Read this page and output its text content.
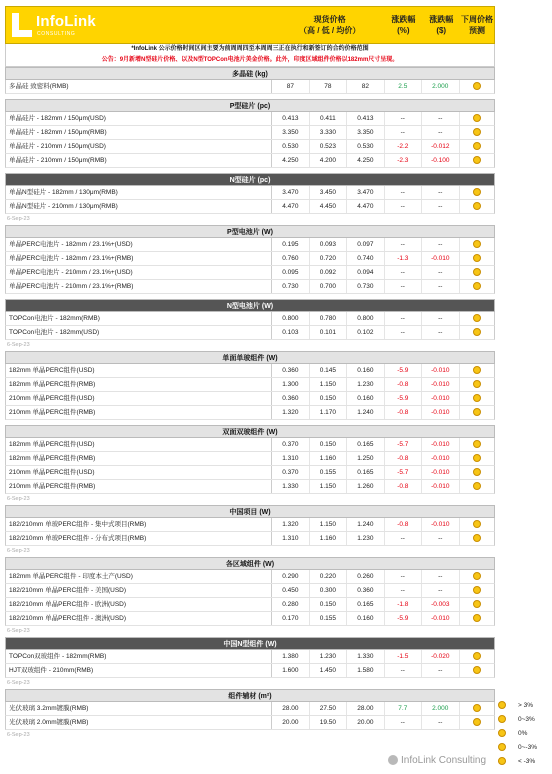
InfoLink
CONSULTING
现货价格
（高 / 低 / 均价）
涨跌幅
(%)
涨跌幅
($)
下周价格
预测
*InfoLink 公示价格时间区间主要为前周周四至本周周三正在执行和新签订的合约价格范围
公告：9月新增N型硅片价格、以及N型TOPCon电池片美金价格。此外，印度区域组件价格以182mm尺寸呈现。
多晶硅 (kg)
多晶硅 致密料(RMB)	87	78	82	2.5	2.000
P型硅片 (pc)
单晶硅片 - 182mm / 150μm(USD)	0.413	0.411	0.413	--	--
单晶硅片 - 182mm / 150μm(RMB)	3.350	3.330	3.350	--	--
单晶硅片 - 210mm / 150μm(USD)	0.530	0.523	0.530	-2.2	-0.012
单晶硅片 - 210mm / 150μm(RMB)	4.250	4.200	4.250	-2.3	-0.100
N型硅片 (pc)
单晶N型硅片 - 182mm / 130μm(RMB)	3.470	3.450	3.470	--	--
单晶N型硅片 - 210mm / 130μm(RMB)	4.470	4.450	4.470	--	--
6-Sep-23
P型电池片 (W)
单晶PERC电池片 - 182mm / 23.1%+(USD)	0.195	0.093	0.097	--	--
单晶PERC电池片 - 182mm / 23.1%+(RMB)	0.760	0.720	0.740	-1.3	-0.010
单晶PERC电池片 - 210mm / 23.1%+(USD)	0.095	0.092	0.094	--	--
单晶PERC电池片 - 210mm / 23.1%+(RMB)	0.730	0.700	0.730	--	--
N型电池片 (W)
TOPCon电池片 - 182mm(RMB)	0.800	0.780	0.800	--	--
TOPCon电池片 - 182mm(USD)	0.103	0.101	0.102	--	--
6-Sep-23
单面单玻组件 (W)
182mm 单晶PERC组件(USD)	0.360	0.145	0.160	-5.9	-0.010
182mm 单晶PERC组件(RMB)	1.300	1.150	1.230	-0.8	-0.010
210mm 单晶PERC组件(USD)	0.360	0.150	0.160	-5.9	-0.010
210mm 单晶PERC组件(RMB)	1.320	1.170	1.240	-0.8	-0.010
双面双玻组件 (W)
182mm 单晶PERC组件(USD)	0.370	0.150	0.165	-5.7	-0.010
182mm 单晶PERC组件(RMB)	1.310	1.160	1.250	-0.8	-0.010
210mm 单晶PERC组件(USD)	0.370	0.155	0.165	-5.7	-0.010
210mm 单晶PERC组件(RMB)	1.330	1.150	1.260	-0.8	-0.010
6-Sep-23
中国项目 (W)
182/210mm 单玻PERC组件 - 集中式项目(RMB)	1.320	1.150	1.240	-0.8	-0.010
182/210mm 单玻PERC组件 - 分布式项目(RMB)	1.310	1.160	1.230	--	--
6-Sep-23
各区域组件 (W)
182mm 单晶PERC组件 - 印度本土产(USD)	0.290	0.220	0.260	--	--
182/210mm 单晶PERC组件 - 美国(USD)	0.450	0.300	0.360	--	--
182/210mm 单晶PERC组件 - 欧洲(USD)	0.280	0.150	0.165	-1.8	-0.003
182/210mm 单晶PERC组件 - 澳洲(USD)	0.170	0.155	0.160	-5.9	-0.010
6-Sep-23
中国N型组件 (W)
TOPCon双玻组件 - 182mm(RMB)	1.380	1.230	1.330	-1.5	-0.020
HJT双玻组件 - 210mm(RMB)	1.600	1.450	1.580	--	--
6-Sep-23
组件辅材 (m²)
光伏玻璃 3.2mm镀膜(RMB)	28.00	27.50	28.00	7.7	2.000
光伏玻璃 2.0mm镀膜(RMB)	20.00	19.50	20.00	--	--
6-Sep-23
> 3%
0~3%
0%
0~-3%
< -3%
InfoLink Consulting
